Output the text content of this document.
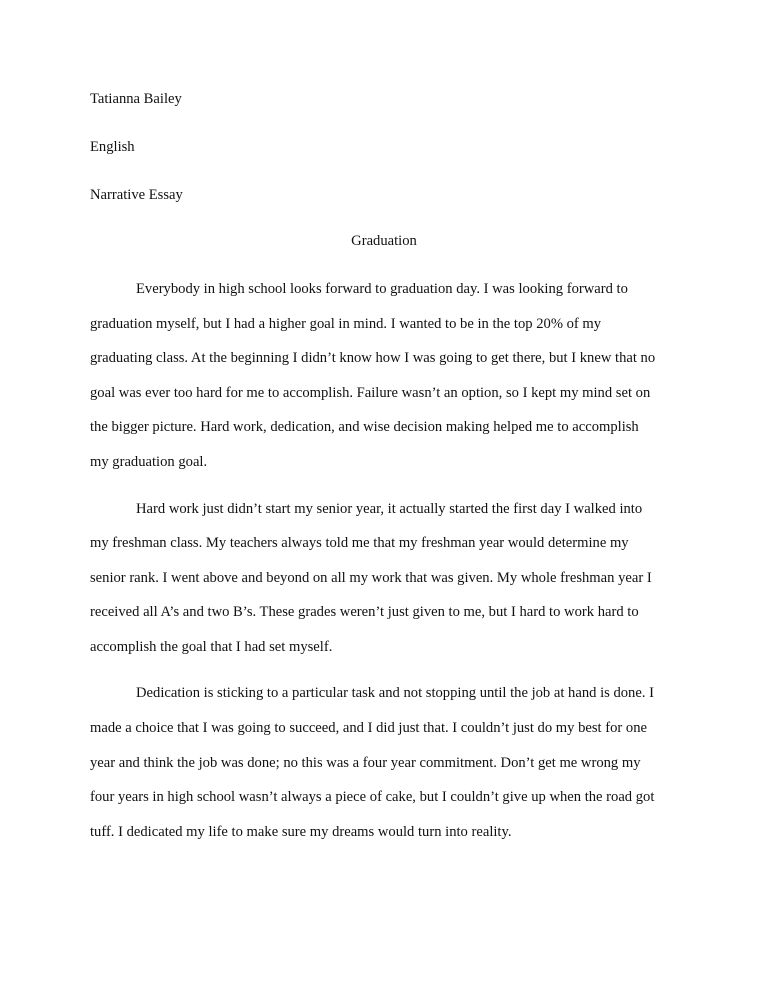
Tatianna Bailey
English
Narrative Essay
Graduation
Everybody in high school looks forward to graduation day. I was looking forward to
graduation myself, but I had a higher goal in mind. I wanted to be in the top 20% of my
graduating class. At the beginning I didn’t know how I was going to get there, but I knew that no
goal was ever too hard for me to accomplish. Failure wasn’t an option, so I kept my mind set on
the bigger picture. Hard work, dedication, and wise decision making helped me to accomplish
my graduation goal.
Hard work just didn’t start my senior year, it actually started the first day I walked into
my freshman class. My teachers always told me that my freshman year would determine my
senior rank. I went above and beyond on all my work that was given. My whole freshman year I
received all A’s and two B’s. These grades weren’t just given to me, but I hard to work hard to
accomplish the goal that I had set myself.
Dedication is sticking to a particular task and not stopping until the job at hand is done. I
made a choice that I was going to succeed, and I did just that. I couldn’t just do my best for one
year and think the job was done; no this was a four year commitment. Don’t get me wrong my
four years in high school wasn’t always a piece of cake, but I couldn’t give up when the road got
tuff. I dedicated my life to make sure my dreams would turn into reality.
